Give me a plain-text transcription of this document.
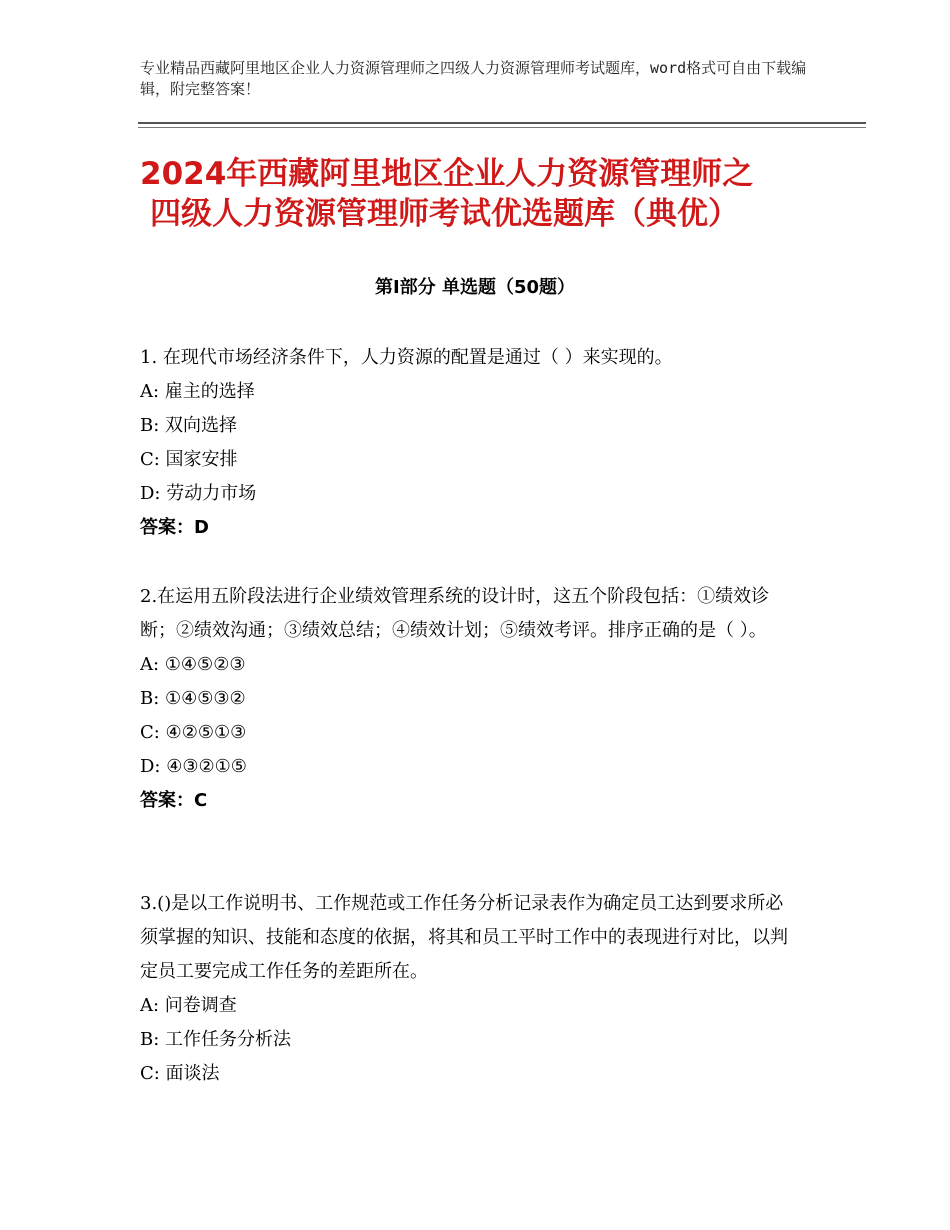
专业精品西藏阿里地区企业人力资源管理师之四级人力资源管理师考试题库，word格式可自由下载编辑，附完整答案！
2024年西藏阿里地区企业人力资源管理师之
四级人力资源管理师考试优选题库（典优）
第Ⅰ部分 单选题（50题）

1. 在现代市场经济条件下，人力资源的配置是通过（ ）来实现的。

A: 雇主的选择

B: 双向选择

C: 国家安排

D: 劳动力市场

答案：D

2.在运用五阶段法进行企业绩效管理系统的设计时，这五个阶段包括：①绩效诊断；②绩效沟通；③绩效总结；④绩效计划；⑤绩效考评。排序正确的是（ ）。

A: ①④⑤②③

B: ①④⑤③②

C: ④②⑤①③

D: ④③②①⑤

答案：C

3.()是以工作说明书、工作规范或工作任务分析记录表作为确定员工达到要求所必须掌握的知识、技能和态度的依据，将其和员工平时工作中的表现进行对比，以判定员工要完成工作任务的差距所在。

A: 问卷调查

B: 工作任务分析法

C: 面谈法
